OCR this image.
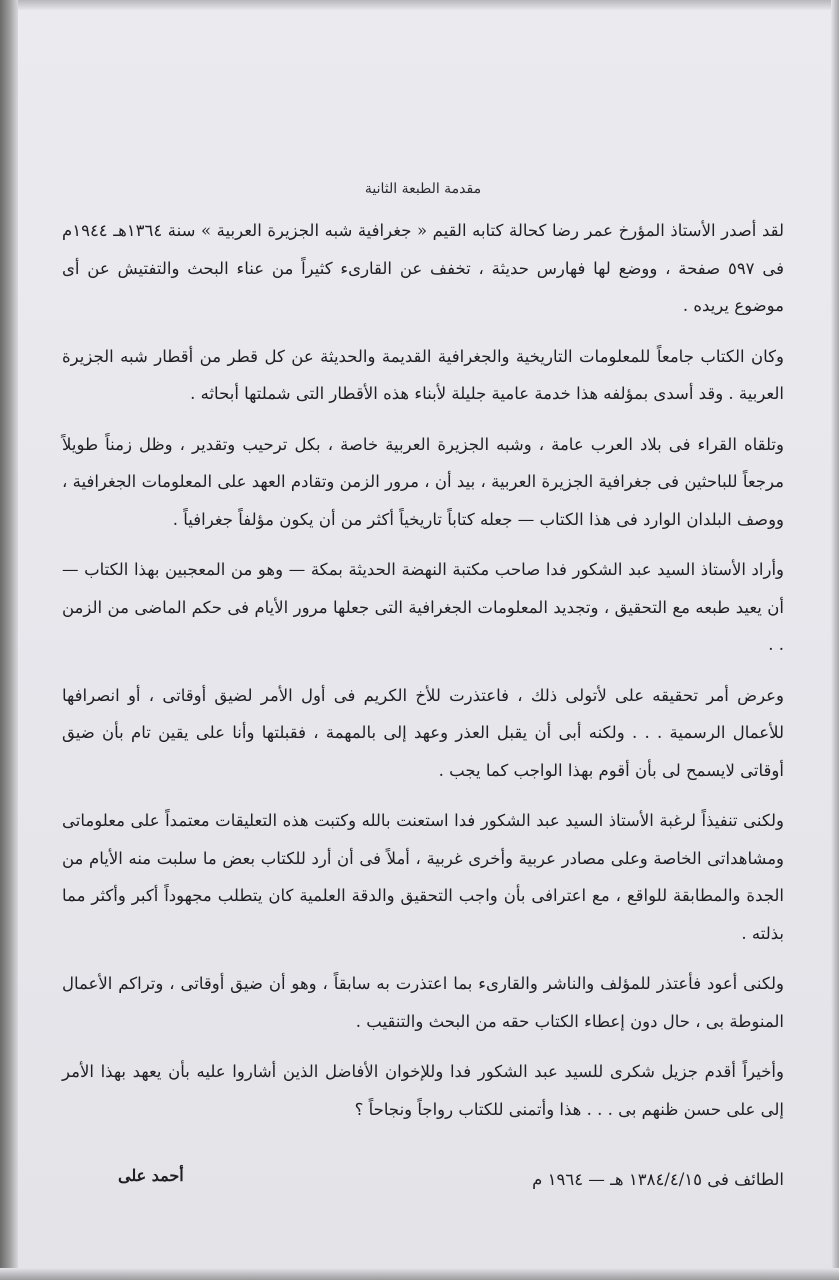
مقدمة الطبعة الثانية

لقد أصدر الأستاذ المؤرخ عمر رضا كحالة كتابه القيم « جغرافية شبه الجزيرة العربية » سنة ١٣٦٤هـ ١٩٤٤م فى ٥٩٧ صفحة ، ووضع لها فهارس حديثة ، تخفف عن القارىء كثيراً من عناء البحث والتفتيش عن أى موضوع يريده .

وكان الكتاب جامعاً للمعلومات التاريخية والجغرافية القديمة والحديثة عن كل قطر من أقطار شبه الجزيرة العربية . وقد أسدى بمؤلفه هذا خدمة عامية جليلة لأبناء هذه الأقطار التى شملتها أبحاثه .

وتلقاه القراء فى بلاد العرب عامة ، وشبه الجزيرة العربية خاصة ، بكل ترحيب وتقدير ، وظل زمناً طويلاً مرجعاً للباحثين فى جغرافية الجزيرة العربية ، بيد أن ، مرور الزمن وتقادم العهد على المعلومات الجغرافية ، ووصف البلدان الوارد فى هذا الكتاب — جعله كتاباً تاريخياً أكثر من أن يكون مؤلفاً جغرافياً .

وأراد الأستاذ السيد عبد الشكور فدا صاحب مكتبة النهضة الحديثة بمكة — وهو من المعجبين بهذا الكتاب — أن يعيد طبعه مع التحقيق ، وتجديد المعلومات الجغرافية التى جعلها مرور الأيام فى حكم الماضى من الزمن . .

وعرض أمر تحقيقه على لأتولى ذلك ، فاعتذرت للأخ الكريم فى أول الأمر لضيق أوقاتى ، أو انصرافها للأعمال الرسمية . . . ولكنه أبى أن يقبل العذر وعهد إلى بالمهمة ، فقبلتها وأنا على يقين تام بأن ضيق أوقاتى لايسمح لى بأن أقوم بهذا الواجب كما يجب .

ولكنى تنفيذاً لرغبة الأستاذ السيد عبد الشكور فدا استعنت بالله وكتبت هذه التعليقات معتمداً على معلوماتى ومشاهداتى الخاصة وعلى مصادر عربية وأخرى غربية ، أملاً فى أن أرد للكتاب بعض ما سلبت منه الأيام من الجدة والمطابقة للواقع ، مع اعترافى بأن واجب التحقيق والدقة العلمية كان يتطلب مجهوداً أكبر وأكثر مما بذلته .

ولكنى أعود فأعتذر للمؤلف والناشر والقارىء بما اعتذرت به سابقاً ، وهو أن ضيق أوقاتى ، وتراكم الأعمال المنوطة بى ، حال دون إعطاء الكتاب حقه من البحث والتنقيب .

وأخيراً أقدم جزيل شكرى للسيد عبد الشكور فدا وللإخوان الأفاضل الذين أشاروا عليه بأن يعهد بهذا الأمر إلى على حسن ظنهم بى . . . هذا وأتمنى للكتاب رواجاً ونجاحاً ؟

الطائف فى ١٣٨٤/٤/١٥ هـ — ١٩٦٤ م
أحمد على
